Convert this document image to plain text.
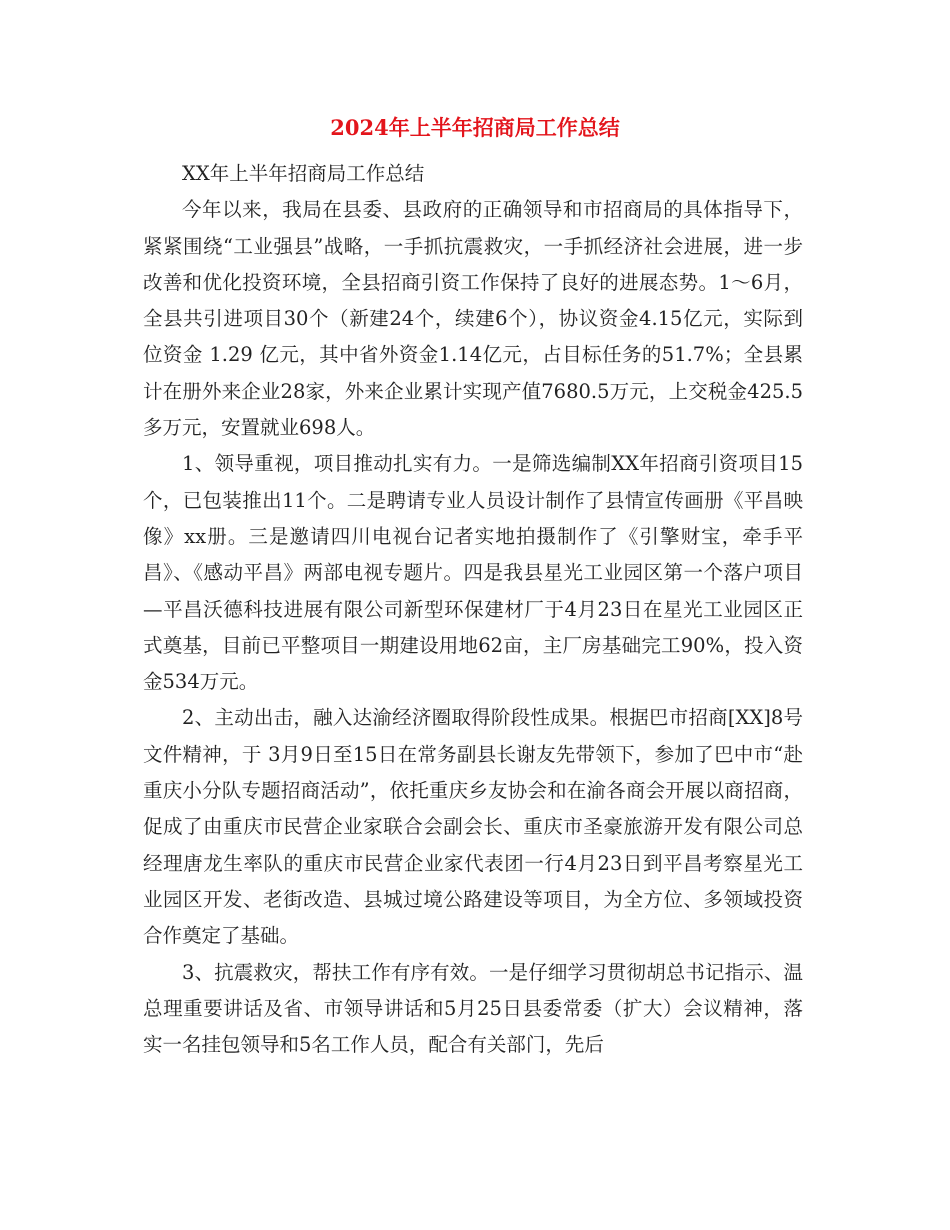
2024年上半年招商局工作总结

XX年上半年招商局工作总结

今年以来，我局在县委、县政府的正确领导和市招商局的具体指导下，紧紧围绕“工业强县”战略，一手抓抗震救灾，一手抓经济社会进展，进一步改善和优化投资环境，全县招商引资工作保持了良好的进展态势。1～6月，全县共引进项目30个（新建24个，续建6个），协议资金4.15亿元，实际到位资金 1.29 亿元，其中省外资金1.14亿元，占目标任务的51.7%；全县累计在册外来企业28家，外来企业累计实现产值7680.5万元，上交税金425.5多万元，安置就业698人。

1、领导重视，项目推动扎实有力。一是筛选编制XX年招商引资项目15个，已包装推出11个。二是聘请专业人员设计制作了县情宣传画册《平昌映像》xx册。三是邀请四川电视台记者实地拍摄制作了《引擎财宝，牵手平昌》、《感动平昌》两部电视专题片。四是我县星光工业园区第一个落户项目—平昌沃德科技进展有限公司新型环保建材厂于4月23日在星光工业园区正式奠基，目前已平整项目一期建设用地62亩，主厂房基础完工90%，投入资金534万元。

2、主动出击，融入达渝经济圈取得阶段性成果。根据巴市招商[XX]8号文件精神，于 3月9日至15日在常务副县长谢友先带领下，参加了巴中市“赴重庆小分队专题招商活动”，依托重庆乡友协会和在渝各商会开展以商招商，促成了由重庆市民营企业家联合会副会长、重庆市圣豪旅游开发有限公司总经理唐龙生率队的重庆市民营企业家代表团一行4月23日到平昌考察星光工业园区开发、老街改造、县城过境公路建设等项目，为全方位、多领域投资合作奠定了基础。

3、抗震救灾，帮扶工作有序有效。一是仔细学习贯彻胡总书记指示、温总理重要讲话及省、市领导讲话和5月25日县委常委（扩大）会议精神，落实一名挂包领导和5名工作人员，配合有关部门，先后
